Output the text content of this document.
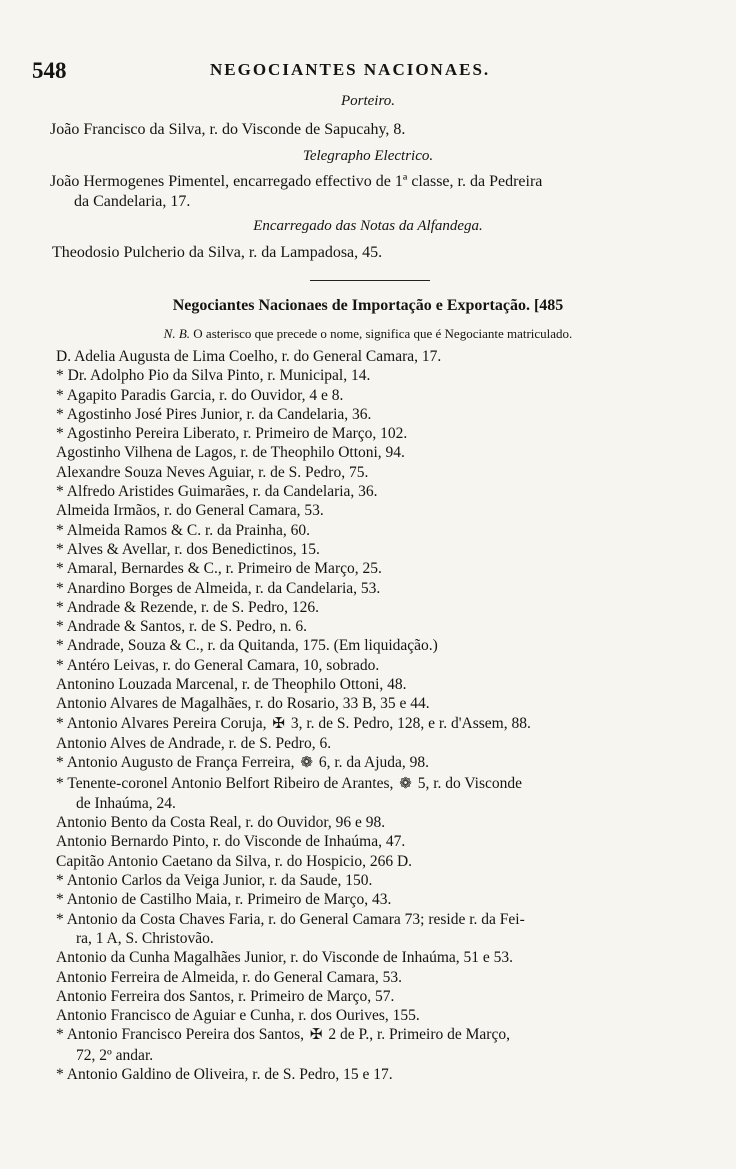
548	NEGOCIANTES NACIONAES.
Porteiro.
João Francisco da Silva, r. do Visconde de Sapucahy, 8.
Telegrapho Electrico.
João Hermogenes Pimentel, encarregado effectivo de 1ª classe, r. da Pedreira
da Candelaria, 17.
Encarregado das Notas da Alfandega.
Theodosio Pulcherio da Silva, r. da Lampadosa, 45.
Negociantes Nacionaes de Importação e Exportação. [485
N. B. O asterisco que precede o nome, significa que é Negociante matriculado.
D. Adelia Augusta de Lima Coelho, r. do General Camara, 17.
* Dr. Adolpho Pio da Silva Pinto, r. Municipal, 14.
* Agapito Paradis Garcia, r. do Ouvidor, 4 e 8.
* Agostinho José Pires Junior, r. da Candelaria, 36.
* Agostinho Pereira Liberato, r. Primeiro de Março, 102.
Agostinho Vilhena de Lagos, r. de Theophilo Ottoni, 94.
Alexandre Souza Neves Aguiar, r. de S. Pedro, 75.
* Alfredo Aristides Guimarães, r. da Candelaria, 36.
Almeida Irmãos, r. do General Camara, 53.
* Almeida Ramos & C. r. da Prainha, 60.
* Alves & Avellar, r. dos Benedictinos, 15.
* Amaral, Bernardes & C., r. Primeiro de Março, 25.
* Anardino Borges de Almeida, r. da Candelaria, 53.
* Andrade & Rezende, r. de S. Pedro, 126.
* Andrade & Santos, r. de S. Pedro, n. 6.
* Andrade, Souza & C., r. da Quitanda, 175. (Em liquidação.)
* Antéro Leivas, r. do General Camara, 10, sobrado.
Antonino Louzada Marcenal, r. de Theophilo Ottoni, 48.
Antonio Alvares de Magalhães, r. do Rosario, 33 B, 35 e 44.
* Antonio Alvares Pereira Coruja, ✠ 3, r. de S. Pedro, 128, e r. d'Assem, 88.
Antonio Alves de Andrade, r. de S. Pedro, 6.
* Antonio Augusto de França Ferreira, ❁ 6, r. da Ajuda, 98.
* Tenente-coronel Antonio Belfort Ribeiro de Arantes, ❁ 5, r. do Visconde
de Inhaúma, 24.
Antonio Bento da Costa Real, r. do Ouvidor, 96 e 98.
Antonio Bernardo Pinto, r. do Visconde de Inhaúma, 47.
Capitão Antonio Caetano da Silva, r. do Hospicio, 266 D.
* Antonio Carlos da Veiga Junior, r. da Saude, 150.
* Antonio de Castilho Maia, r. Primeiro de Março, 43.
* Antonio da Costa Chaves Faria, r. do General Camara 73; reside r. da Fei-
ra, 1 A, S. Christovão.
Antonio da Cunha Magalhães Junior, r. do Visconde de Inhaúma, 51 e 53.
Antonio Ferreira de Almeida, r. do General Camara, 53.
Antonio Ferreira dos Santos, r. Primeiro de Março, 57.
Antonio Francisco de Aguiar e Cunha, r. dos Ourives, 155.
* Antonio Francisco Pereira dos Santos, ✠ 2 de P., r. Primeiro de Março,
72, 2º andar.
* Antonio Galdino de Oliveira, r. de S. Pedro, 15 e 17.
